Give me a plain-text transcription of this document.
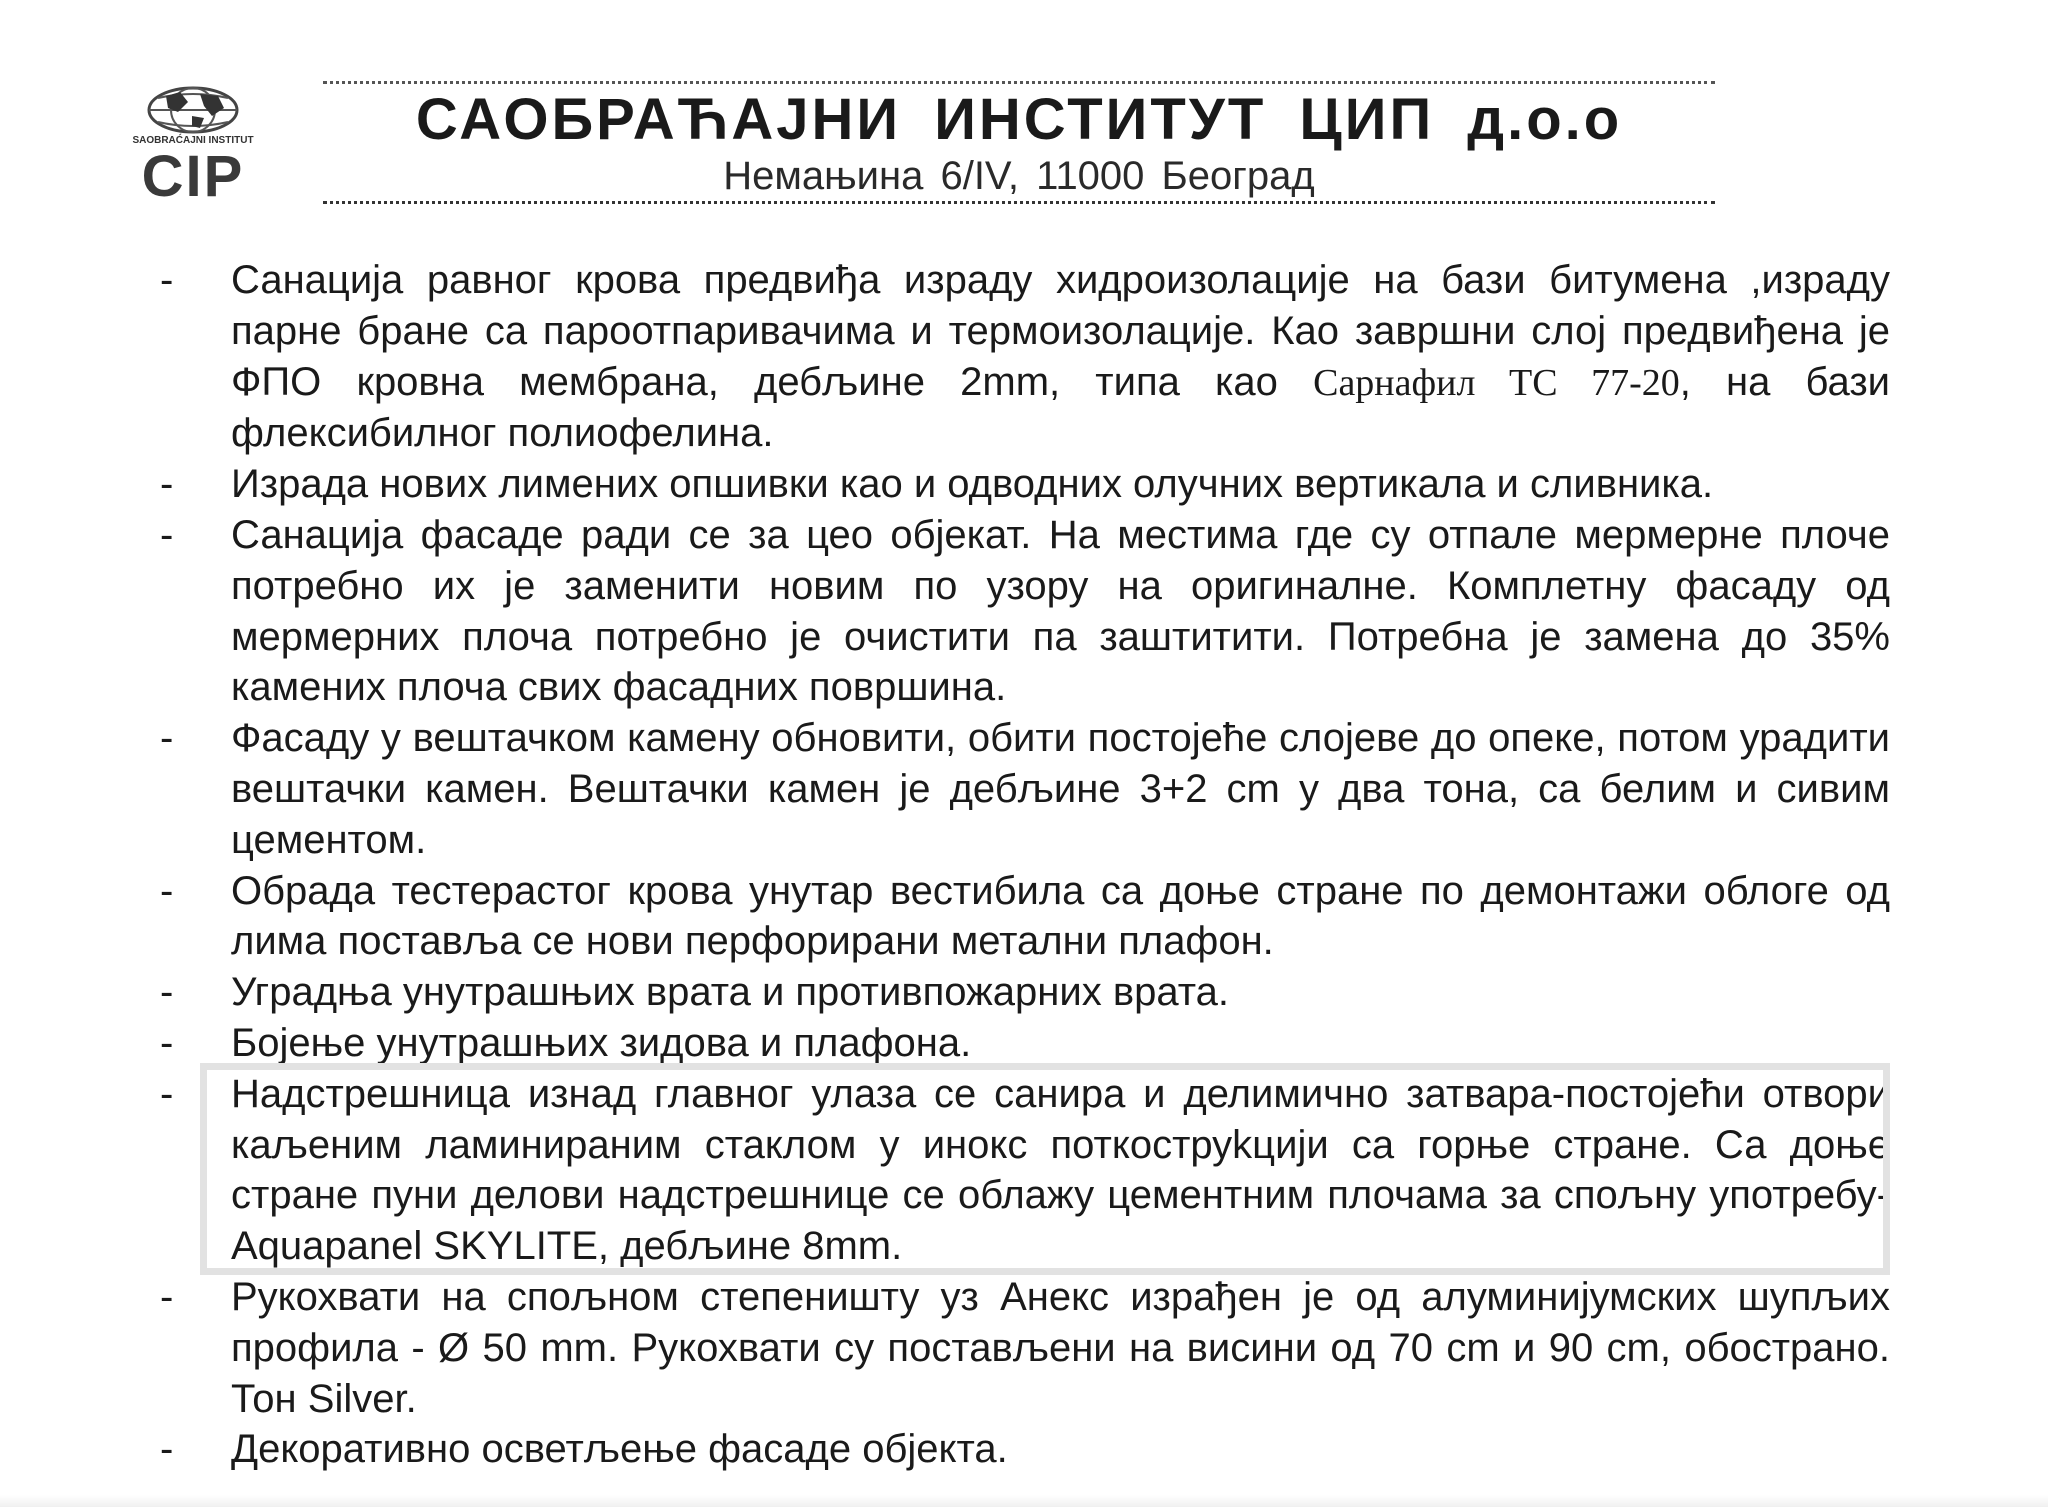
SAOBRAĆAJNI INSTITUT
CIP
САОБРАЋАЈНИ ИНСТИТУТ ЦИП д.о.о
Немањина 6/IV, 11000 Београд
-	Санација равног крова предвиђа израду хидроизолације на бази битумена ,израду парне бране са пароотпаривачима и термоизолације. Као завршни слој предвиђена је ФПО кровна мембрана, дебљине 2mm, типа као Сарнафил ТС 77-20, на бази флексибилног полиофелина.
-	Израда нових лимених опшивки као и одводних олучних вертикала и сливника.
-	Санација фасаде ради се за цео објекат. На местима где су отпале мермерне плоче потребно их је заменити новим по узору на оригиналне. Комплетну фасаду од мермерних плоча потребно је очистити па заштитити. Потребна је замена до 35% камених плоча свих фасадних површина.
-	Фасаду у вештачком камену обновити, обити постојеће слојеве до опеке, потом урадити вештачки камен. Вештачки камен је дебљине 3+2 cm у два тона, са белим и сивим цементом.
-	Обрада тестерастог крова унутар вестибила са доње стране по демонтажи облоге од лима поставља се нови перфорирани метални плафон.
-	Уградња унутрашњих врата и противпожарних врата.
-	Бојење унутрашњих зидова и плафона.
-	Надстрешница изнад главног улаза се санира и делимично затвара-постојећи отвори каљеним ламинираним стаклом у инокс поткоструkцији са горње стране. Са доње стране пуни делови надстрешнице се облажу цементним плочама за спољну употребу- Aquapanel SKYLITE, дебљине 8mm.
-	Рукохвати на спољном степеништу уз Анекс израђен је од алуминијумских шупљих профила - Ø 50 mm. Рукохвати су постављени на висини од 70 cm и 90 cm, обострано. Тон Silver.
-	Декоративно осветљење фасаде објекта.
